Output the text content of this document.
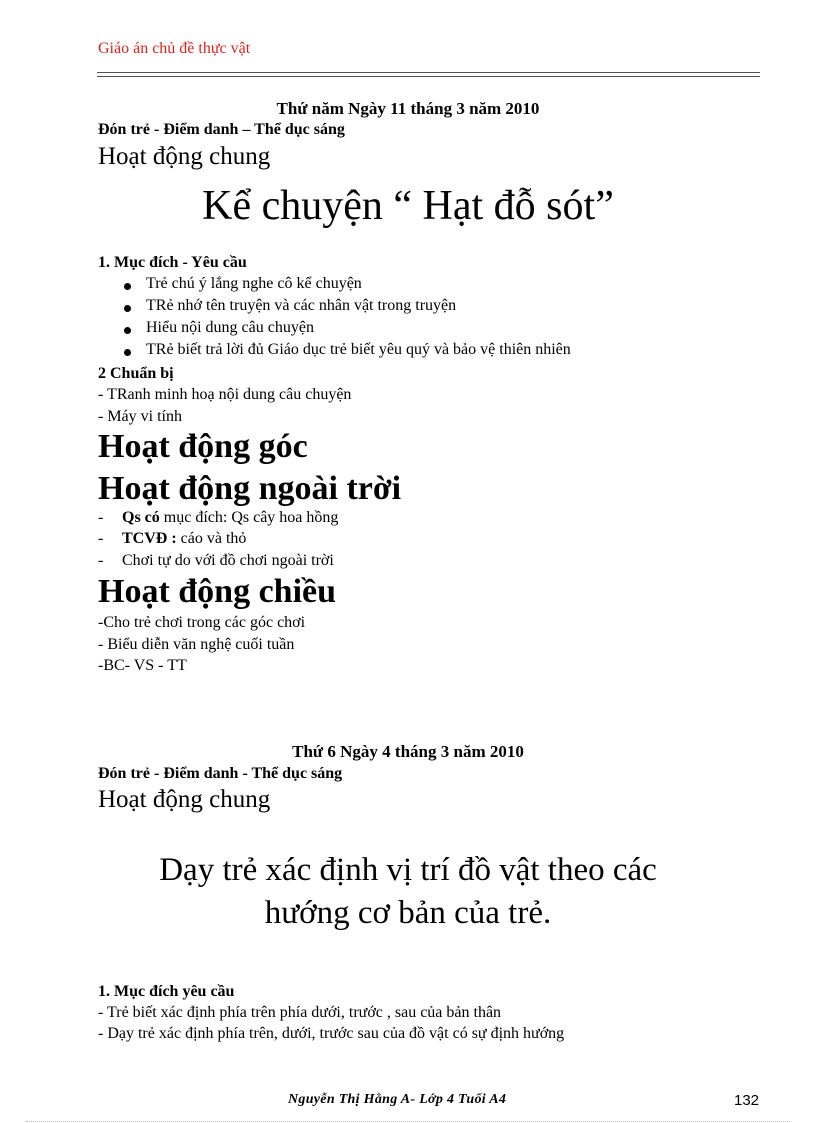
Giáo án chủ đề thực vật
Thứ năm Ngày 11 tháng 3 năm 2010
Đón trẻ - Điểm danh – Thể dục sáng
Hoạt động chung
Kể chuyện “ Hạt đỗ sót”
1. Mục đích - Yêu cầu
Trẻ chú ý lắng nghe cô kể chuyện
TRẻ nhớ tên truyện và các nhân vật trong truyện
Hiểu nội dung câu chuyện
TRẻ biết trả lời đủ Giáo dục trẻ biết yêu quý và bảo vệ thiên nhiên
2 Chuẩn bị
- TRanh minh hoạ nội dung câu chuyện
- Máy vi tính
Hoạt động góc
Hoạt động ngoài trời
- Qs có mục đích: Qs cây hoa hồng
- TCVĐ : cáo và thỏ
- Chơi tự do với đồ chơi ngoài trời
Hoạt động chiều
-Cho trẻ chơi trong các góc chơi
- Biểu diễn văn nghệ cuối tuần
-BC- VS - TT
Thứ 6 Ngày 4 tháng 3 năm 2010
Đón trẻ - Điểm danh - Thể dục sáng
Hoạt động chung
Dạy trẻ xác định vị trí đồ vật theo các
hướng cơ bản của trẻ.
1. Mục đích yêu cầu
- Trẻ biết xác định phía trên phía dưới, trước , sau của bản thân
- Dạy trẻ xác định phía trên, dưới, trước sau của đồ vật có sự định hướng
Nguyễn Thị Hằng A- Lớp 4 Tuổi A4	132
